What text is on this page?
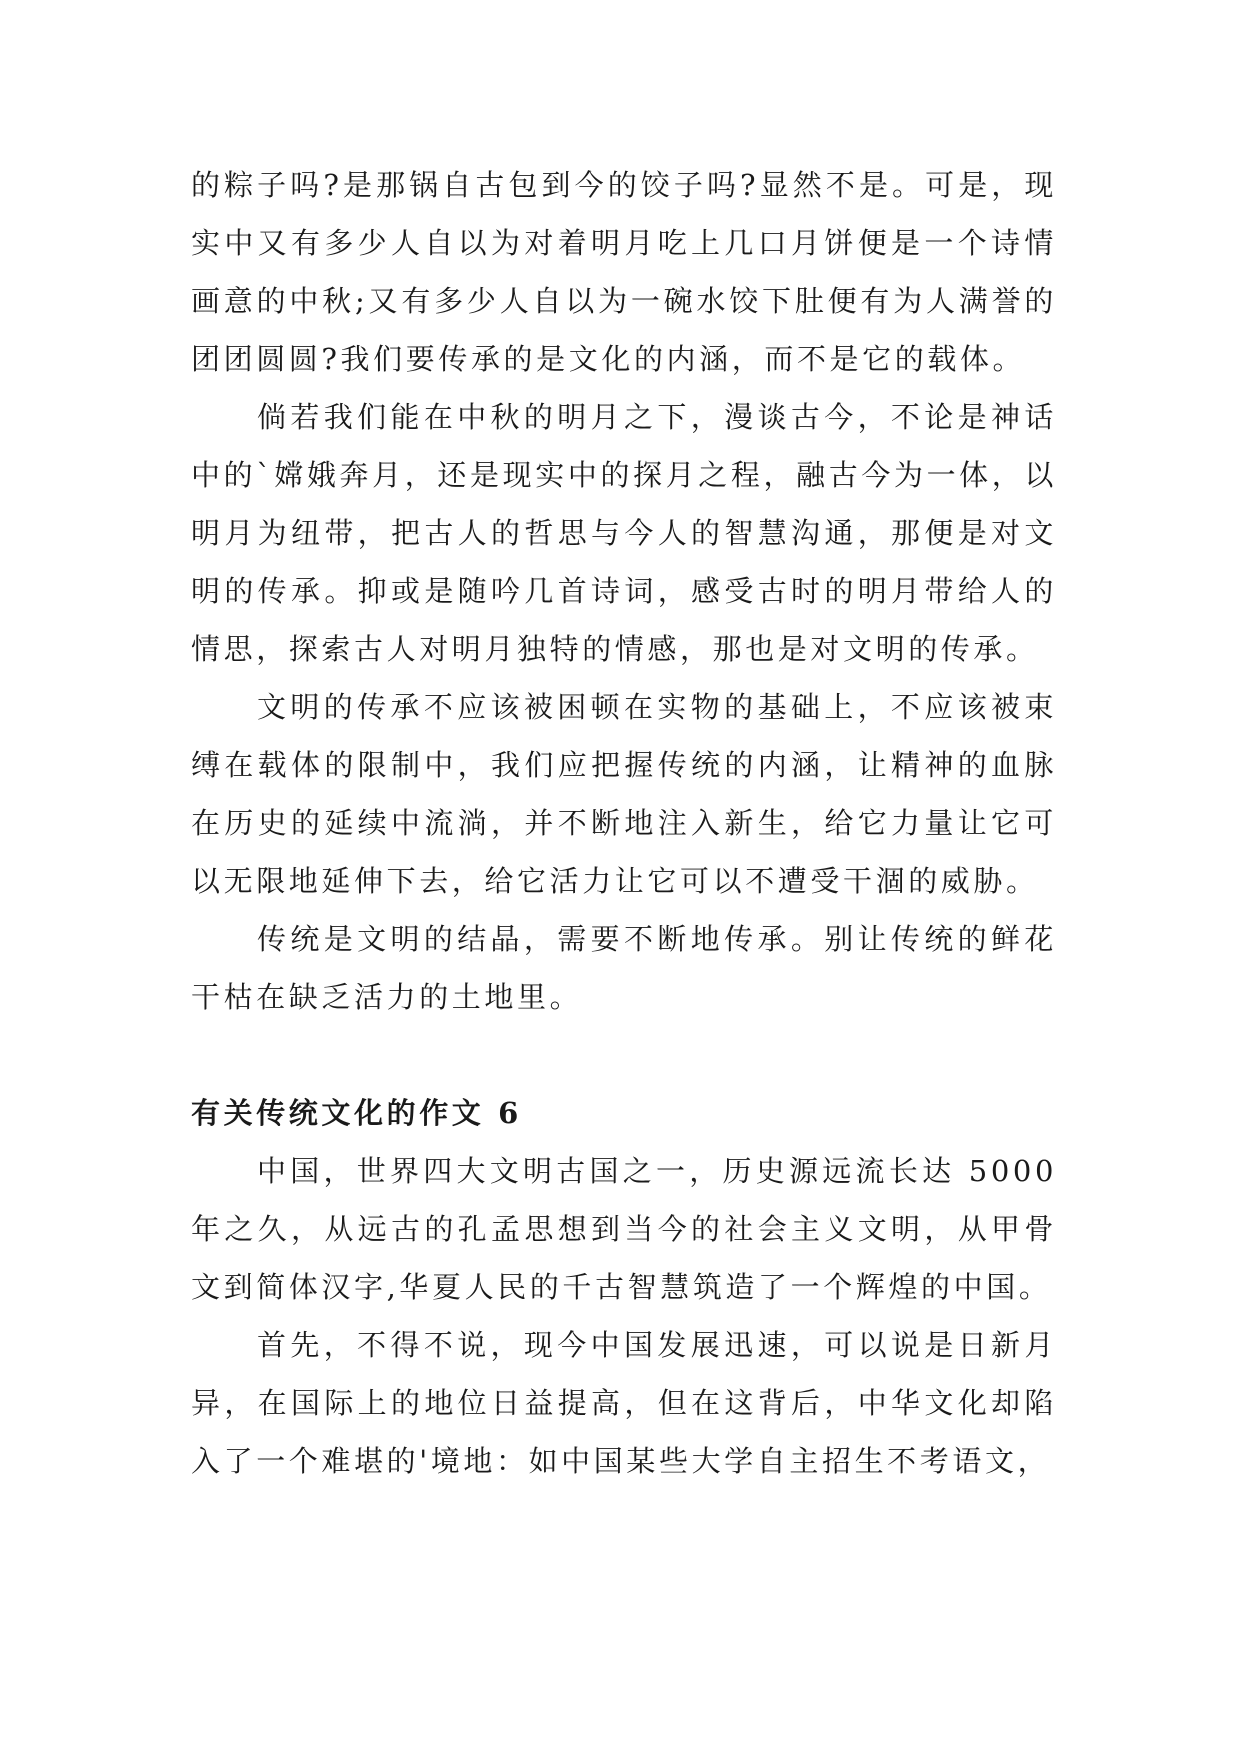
的粽子吗?是那锅自古包到今的饺子吗?显然不是。可是，现实中又有多少人自以为对着明月吃上几口月饼便是一个诗情画意的中秋;又有多少人自以为一碗水饺下肚便有为人满誉的团团圆圆?我们要传承的是文化的内涵，而不是它的载体。

倘若我们能在中秋的明月之下，漫谈古今，不论是神话中的`嫦娥奔月，还是现实中的探月之程，融古今为一体，以明月为纽带，把古人的哲思与今人的智慧沟通，那便是对文明的传承。抑或是随吟几首诗词，感受古时的明月带给人的情思，探索古人对明月独特的情感，那也是对文明的传承。

文明的传承不应该被困顿在实物的基础上，不应该被束缚在载体的限制中，我们应把握传统的内涵，让精神的血脉在历史的延续中流淌，并不断地注入新生，给它力量让它可以无限地延伸下去，给它活力让它可以不遭受干涸的威胁。

传统是文明的结晶，需要不断地传承。别让传统的鲜花干枯在缺乏活力的土地里。

有关传统文化的作文 6

中国，世界四大文明古国之一，历史源远流长达 5000 年之久，从远古的孔孟思想到当今的社会主义文明，从甲骨文到简体汉字,华夏人民的千古智慧筑造了一个辉煌的中国。

首先，不得不说，现今中国发展迅速，可以说是日新月异，在国际上的地位日益提高，但在这背后，中华文化却陷入了一个难堪的'境地：如中国某些大学自主招生不考语文，
